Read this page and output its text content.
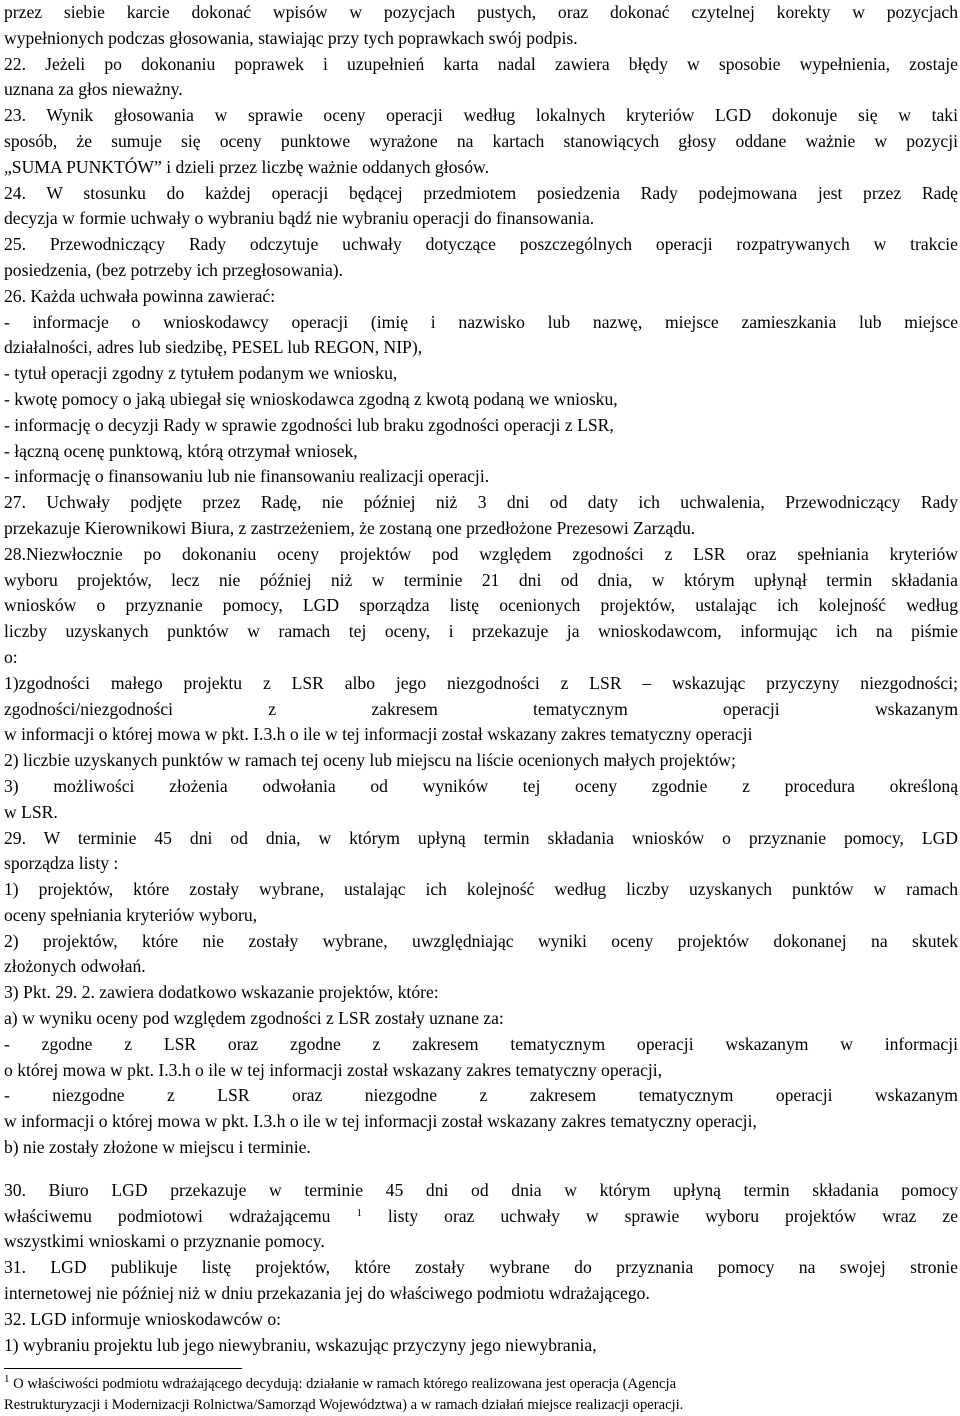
przez siebie karcie dokonać wpisów w pozycjach pustych, oraz dokonać czytelnej korekty w pozycjach
wypełnionych podczas głosowania, stawiając przy tych poprawkach swój podpis.
22. Jeżeli po dokonaniu poprawek i uzupełnień karta nadal zawiera błędy w sposobie wypełnienia, zostaje
uznana za głos nieważny.
23. Wynik głosowania w sprawie oceny operacji według lokalnych kryteriów LGD dokonuje się w taki
sposób, że sumuje się oceny punktowe wyrażone na kartach stanowiących głosy oddane ważnie w pozycji
„SUMA PUNKTÓW” i dzieli przez liczbę ważnie oddanych głosów.
24. W stosunku do każdej operacji będącej przedmiotem posiedzenia Rady podejmowana jest przez Radę
decyzja w formie uchwały o wybraniu bądź nie wybraniu operacji do finansowania.
25. Przewodniczący Rady odczytuje uchwały dotyczące poszczególnych operacji rozpatrywanych w trakcie
posiedzenia, (bez potrzeby ich przegłosowania).
26. Każda uchwała powinna zawierać:
- informacje o wnioskodawcy operacji (imię i nazwisko lub nazwę, miejsce zamieszkania lub miejsce
działalności, adres lub siedzibę, PESEL lub REGON, NIP),
- tytuł operacji zgodny z tytułem podanym we wniosku,
- kwotę pomocy o jaką ubiegał się wnioskodawca zgodną z kwotą podaną we wniosku,
- informację o decyzji Rady w sprawie zgodności lub braku zgodności operacji z LSR,
- łączną ocenę punktową, którą otrzymał wniosek,
- informację o finansowaniu lub nie finansowaniu realizacji operacji.
27. Uchwały podjęte przez Radę, nie później niż 3 dni od daty ich uchwalenia, Przewodniczący Rady
przekazuje Kierownikowi Biura, z zastrzeżeniem, że zostaną one przedłożone Prezesowi Zarządu.
28.Niezwłocznie po dokonaniu oceny projektów pod względem zgodności z LSR oraz spełniania kryteriów
wyboru projektów, lecz nie później niż w terminie 21 dni od dnia, w którym upłynął termin składania
wniosków o przyznanie pomocy, LGD sporządza listę ocenionych projektów, ustalając ich kolejność według
liczby uzyskanych punktów w ramach tej oceny, i przekazuje ja wnioskodawcom, informując ich na piśmie
o:
1)zgodności małego projektu z LSR albo jego niezgodności z LSR – wskazując przyczyny niezgodności;
zgodności/niezgodności z zakresem tematycznym operacji wskazanym
w informacji o której mowa w pkt. I.3.h o ile w tej informacji został wskazany zakres tematyczny operacji
2) liczbie uzyskanych punktów w ramach tej oceny lub miejscu na liście ocenionych małych projektów;
3) możliwości złożenia odwołania od wyników tej oceny zgodnie z procedura określoną
w LSR.
29. W terminie 45 dni od dnia, w którym upłyną termin składania wniosków o przyznanie pomocy, LGD
sporządza listy :
1) projektów, które zostały wybrane, ustalając ich kolejność według liczby uzyskanych punktów w ramach
oceny spełniania kryteriów wyboru,
2) projektów, które nie zostały wybrane, uwzględniając wyniki oceny projektów dokonanej na skutek
złożonych odwołań.
3) Pkt. 29. 2. zawiera dodatkowo wskazanie projektów, które:
a) w wyniku oceny pod względem zgodności z LSR zostały uznane za:
- zgodne z LSR oraz zgodne z zakresem tematycznym operacji wskazanym w informacji
o której mowa w pkt. I.3.h o ile w tej informacji został wskazany zakres tematyczny operacji,
- niezgodne z LSR oraz niezgodne z zakresem tematycznym operacji wskazanym
w informacji o której mowa w pkt. I.3.h o ile w tej informacji został wskazany zakres tematyczny operacji,
b) nie zostały złożone w miejscu i terminie.
30. Biuro LGD przekazuje w terminie 45 dni od dnia w którym upłyną termin składania pomocy
właściwemu podmiotowi wdrażającemu $^1$ listy oraz uchwały w sprawie wyboru projektów wraz ze
wszystkimi wnioskami o przyznanie pomocy.
31. LGD publikuje listę projektów, które zostały wybrane do przyznania pomocy na swojej stronie
internetowej nie później niż w dniu przekazania jej do właściwego podmiotu wdrażającego.
32. LGD informuje wnioskodawców o:
1) wybraniu projektu lub jego niewybraniu, wskazując przyczyny jego niewybrania,
$^1$ O właściwości podmiotu wdrażającego decydują: działanie w ramach którego realizowana jest operacja (Agencja
Restrukturyzacji i Modernizacji Rolnictwa/Samorząd Województwa) a w ramach działań miejsce realizacji operacji.
